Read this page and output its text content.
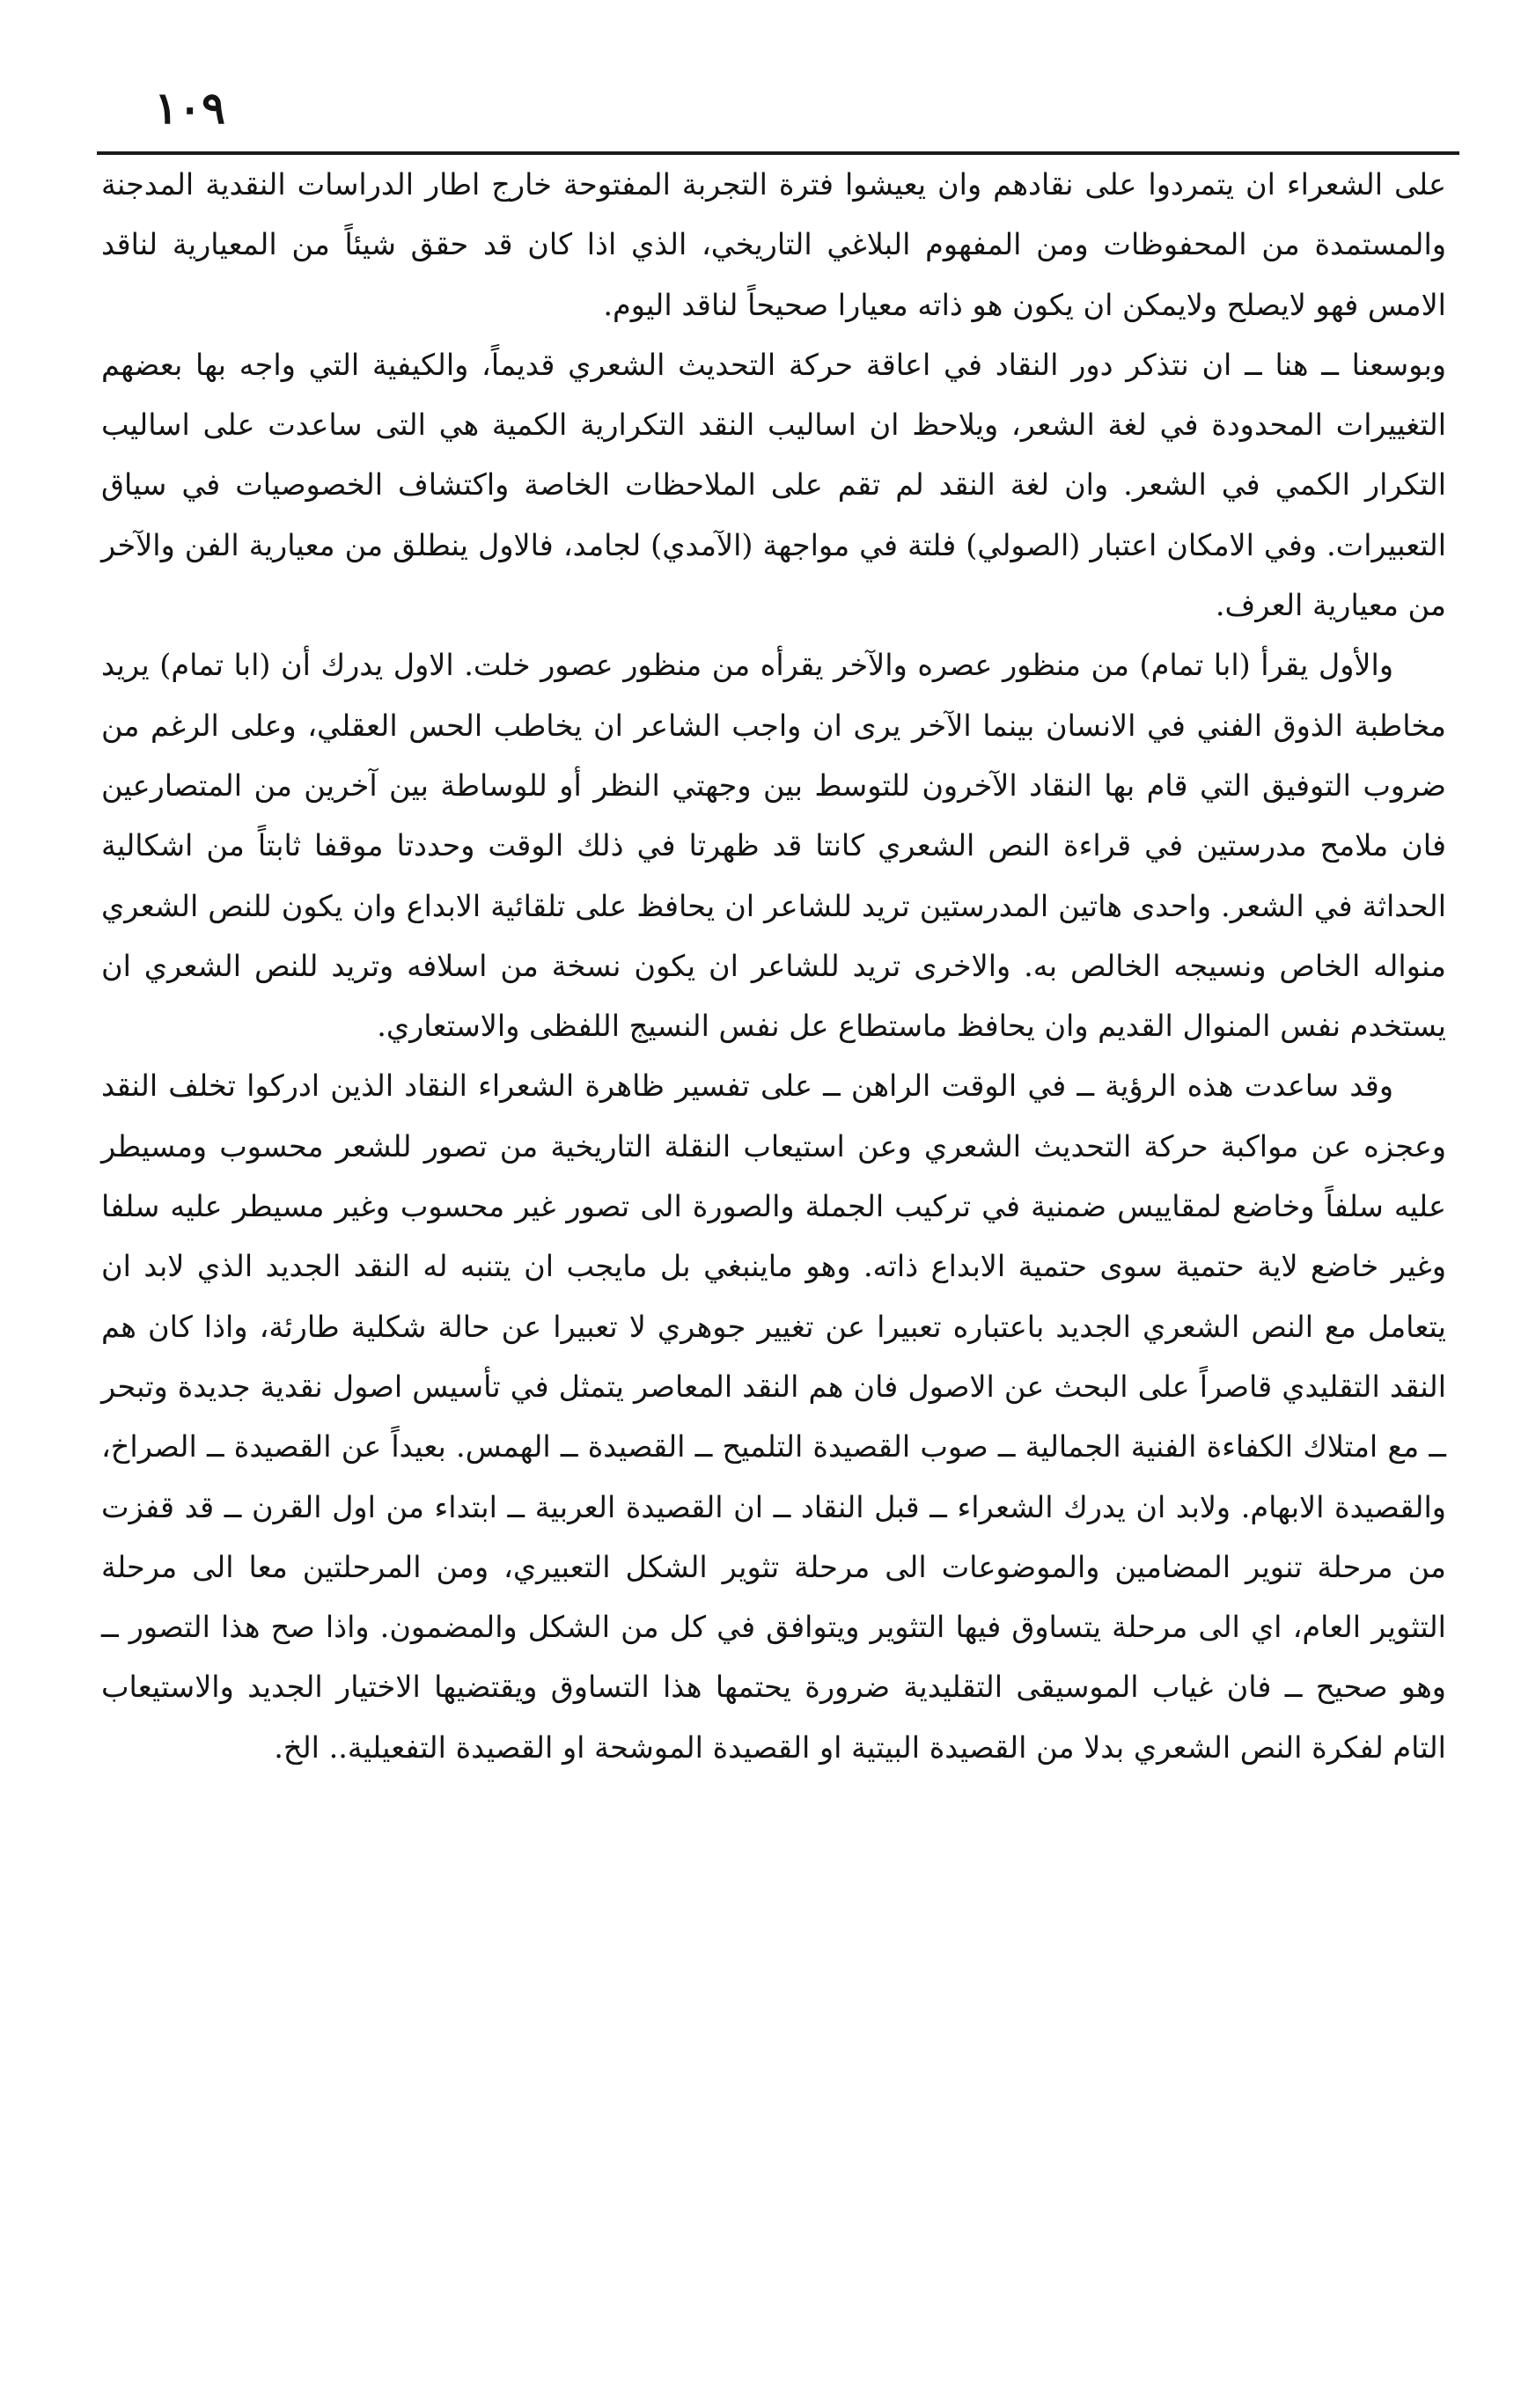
١٠٩

على الشعراء ان يتمردوا على نقادهم وان يعيشوا فترة التجربة المفتوحة خارج اطار الدراسات النقدية المدجنة والمستمدة من المحفوظات ومن المفهوم البلاغي التاريخي، الذي اذا كان قد حقق شيئاً من المعيارية لناقد الامس فهو لايصلح ولايمكن ان يكون هو ذاته معيارا صحيحاً لناقد اليوم.

وبوسعنا ــ هنا ــ ان نتذكر دور النقاد في اعاقة حركة التحديث الشعري قديماً، والكيفية التي واجه بها بعضهم التغييرات المحدودة في لغة الشعر، ويلاحظ ان اساليب النقد التكرارية الكمية هي التى ساعدت على اساليب التكرار الكمي في الشعر. وان لغة النقد لم تقم على الملاحظات الخاصة واكتشاف الخصوصيات في سياق التعبيرات. وفي الامكان اعتبار (الصولي) فلتة في مواجهة (الآمدي) لجامد، فالاول ينطلق من معيارية الفن والآخر من معيارية العرف.

والأول يقرأ (ابا تمام) من منظور عصره والآخر يقرأه من منظور عصور خلت. الاول يدرك أن (ابا تمام) يريد مخاطبة الذوق الفني في الانسان بينما الآخر يرى ان واجب الشاعر ان يخاطب الحس العقلي، وعلى الرغم من ضروب التوفيق التي قام بها النقاد الآخرون للتوسط بين وجهتي النظر أو للوساطة بين آخرين من المتصارعين فان ملامح مدرستين في قراءة النص الشعري كانتا قد ظهرتا في ذلك الوقت وحددتا موقفا ثابتاً من اشكالية الحداثة في الشعر. واحدى هاتين المدرستين تريد للشاعر ان يحافظ على تلقائية الابداع وان يكون للنص الشعري منواله الخاص ونسيجه الخالص به. والاخرى تريد للشاعر ان يكون نسخة من اسلافه وتريد للنص الشعري ان يستخدم نفس المنوال القديم وان يحافظ ماستطاع عل نفس النسيج اللفظى والاستعاري.

وقد ساعدت هذه الرؤية ــ في الوقت الراهن ــ على تفسير ظاهرة الشعراء النقاد الذين ادركوا تخلف النقد وعجزه عن مواكبة حركة التحديث الشعري وعن استيعاب النقلة التاريخية من تصور للشعر محسوب ومسيطر عليه سلفاً وخاضع لمقاييس ضمنية في تركيب الجملة والصورة الى تصور غير محسوب وغير مسيطر عليه سلفا وغير خاضع لاية حتمية سوى حتمية الابداع ذاته. وهو ماينبغي بل مايجب ان يتنبه له النقد الجديد الذي لابد ان يتعامل مع النص الشعري الجديد باعتباره تعبيرا عن تغيير جوهري لا تعبيرا عن حالة شكلية طارئة، واذا كان هم النقد التقليدي قاصراً على البحث عن الاصول فان هم النقد المعاصر يتمثل في تأسيس اصول نقدية جديدة وتبحر ــ مع امتلاك الكفاءة الفنية الجمالية ــ صوب القصيدة التلميح ــ القصيدة ــ الهمس. بعيداً عن القصيدة ــ الصراخ، والقصيدة الابهام. ولابد ان يدرك الشعراء ــ قبل النقاد ــ ان القصيدة العربية ــ ابتداء من اول القرن ــ قد قفزت من مرحلة تنوير المضامين والموضوعات الى مرحلة تثوير الشكل التعبيري، ومن المرحلتين معا الى مرحلة التثوير العام، اي الى مرحلة يتساوق فيها التثوير ويتوافق في كل من الشكل والمضمون. واذا صح هذا التصور ــ وهو صحيح ــ فان غياب الموسيقى التقليدية ضرورة يحتمها هذا التساوق ويقتضيها الاختيار الجديد والاستيعاب التام لفكرة النص الشعري بدلا من القصيدة البيتية او القصيدة الموشحة او القصيدة التفعيلية.. الخ.
